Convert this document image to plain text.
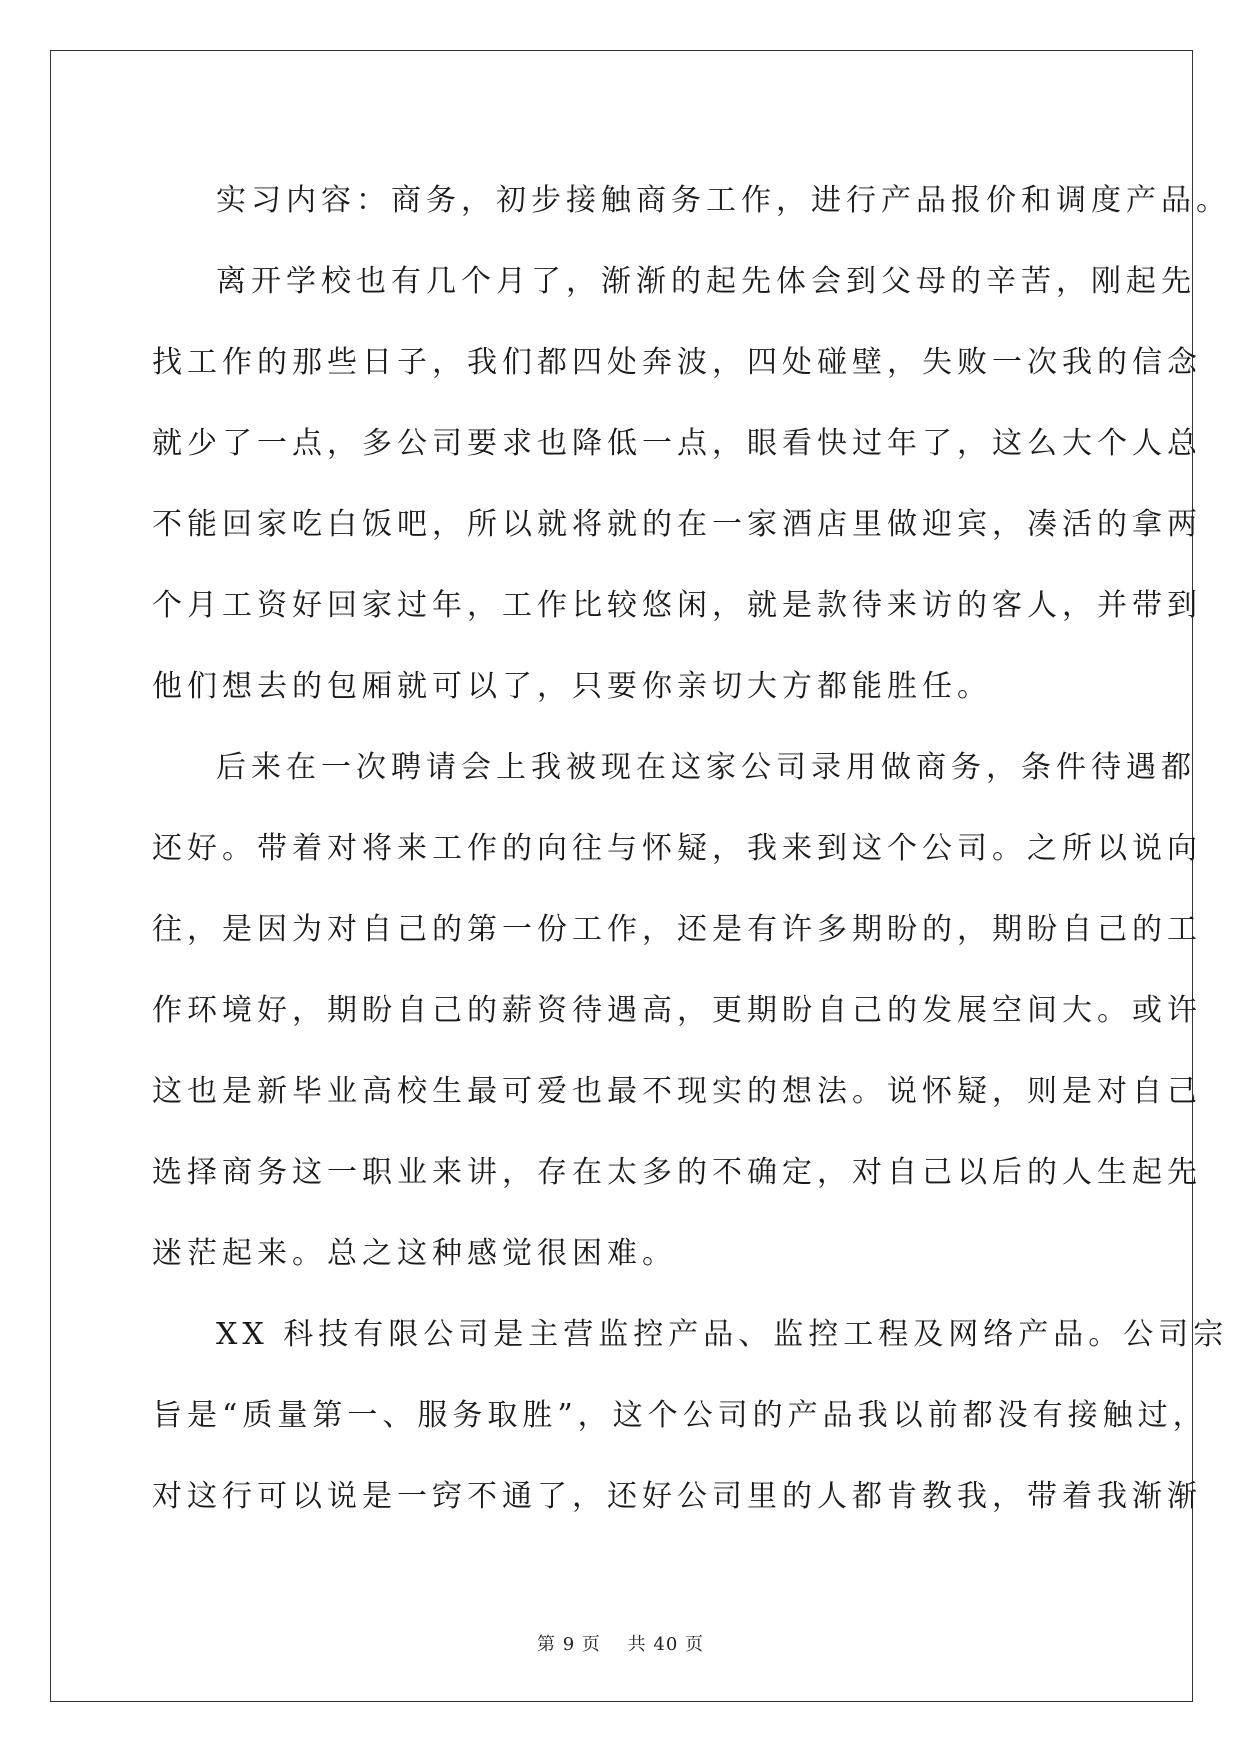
实习内容：商务，初步接触商务工作，进行产品报价和调度产品。

离开学校也有几个月了，渐渐的起先体会到父母的辛苦，刚起先
找工作的那些日子，我们都四处奔波，四处碰壁，失败一次我的信念
就少了一点，多公司要求也降低一点，眼看快过年了，这么大个人总
不能回家吃白饭吧，所以就将就的在一家酒店里做迎宾，凑活的拿两
个月工资好回家过年，工作比较悠闲，就是款待来访的客人，并带到
他们想去的包厢就可以了，只要你亲切大方都能胜任。

后来在一次聘请会上我被现在这家公司录用做商务，条件待遇都
还好。带着对将来工作的向往与怀疑，我来到这个公司。之所以说向
往，是因为对自己的第一份工作，还是有许多期盼的，期盼自己的工
作环境好，期盼自己的薪资待遇高，更期盼自己的发展空间大。或许
这也是新毕业高校生最可爱也最不现实的想法。说怀疑，则是对自己
选择商务这一职业来讲，存在太多的不确定，对自己以后的人生起先
迷茫起来。总之这种感觉很困难。

XX 科技有限公司是主营监控产品、监控工程及网络产品。公司宗
旨是“质量第一、服务取胜”，这个公司的产品我以前都没有接触过，
对这行可以说是一窍不通了，还好公司里的人都肯教我，带着我渐渐

第 9 页 共 40 页
